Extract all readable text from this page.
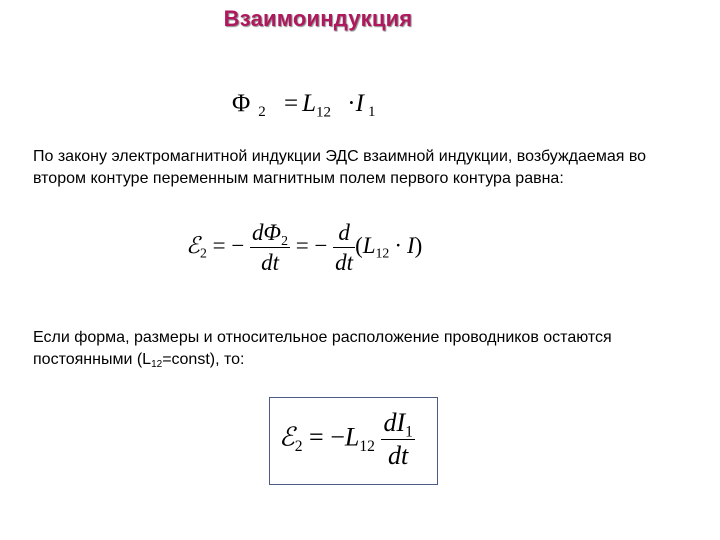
Взаимоиндукция
Φ $_2 = L_{12} \cdot I$ $_1$
По закону электромагнитной индукции ЭДС взаимной индукции, возбуждаемая во втором контуре переменным магнитным полем первого контура равна:
ℰ$_2$ = − $\frac{d\Phi_2}{dt}$ = − $\frac{d}{dt} (L_{12} \cdot I)$
Если форма, размеры и относительное расположение проводников остаются постоянными (L12=const), то:
ℰ$_2$ = $-L_{12} \frac{dI_1}{dt}$
